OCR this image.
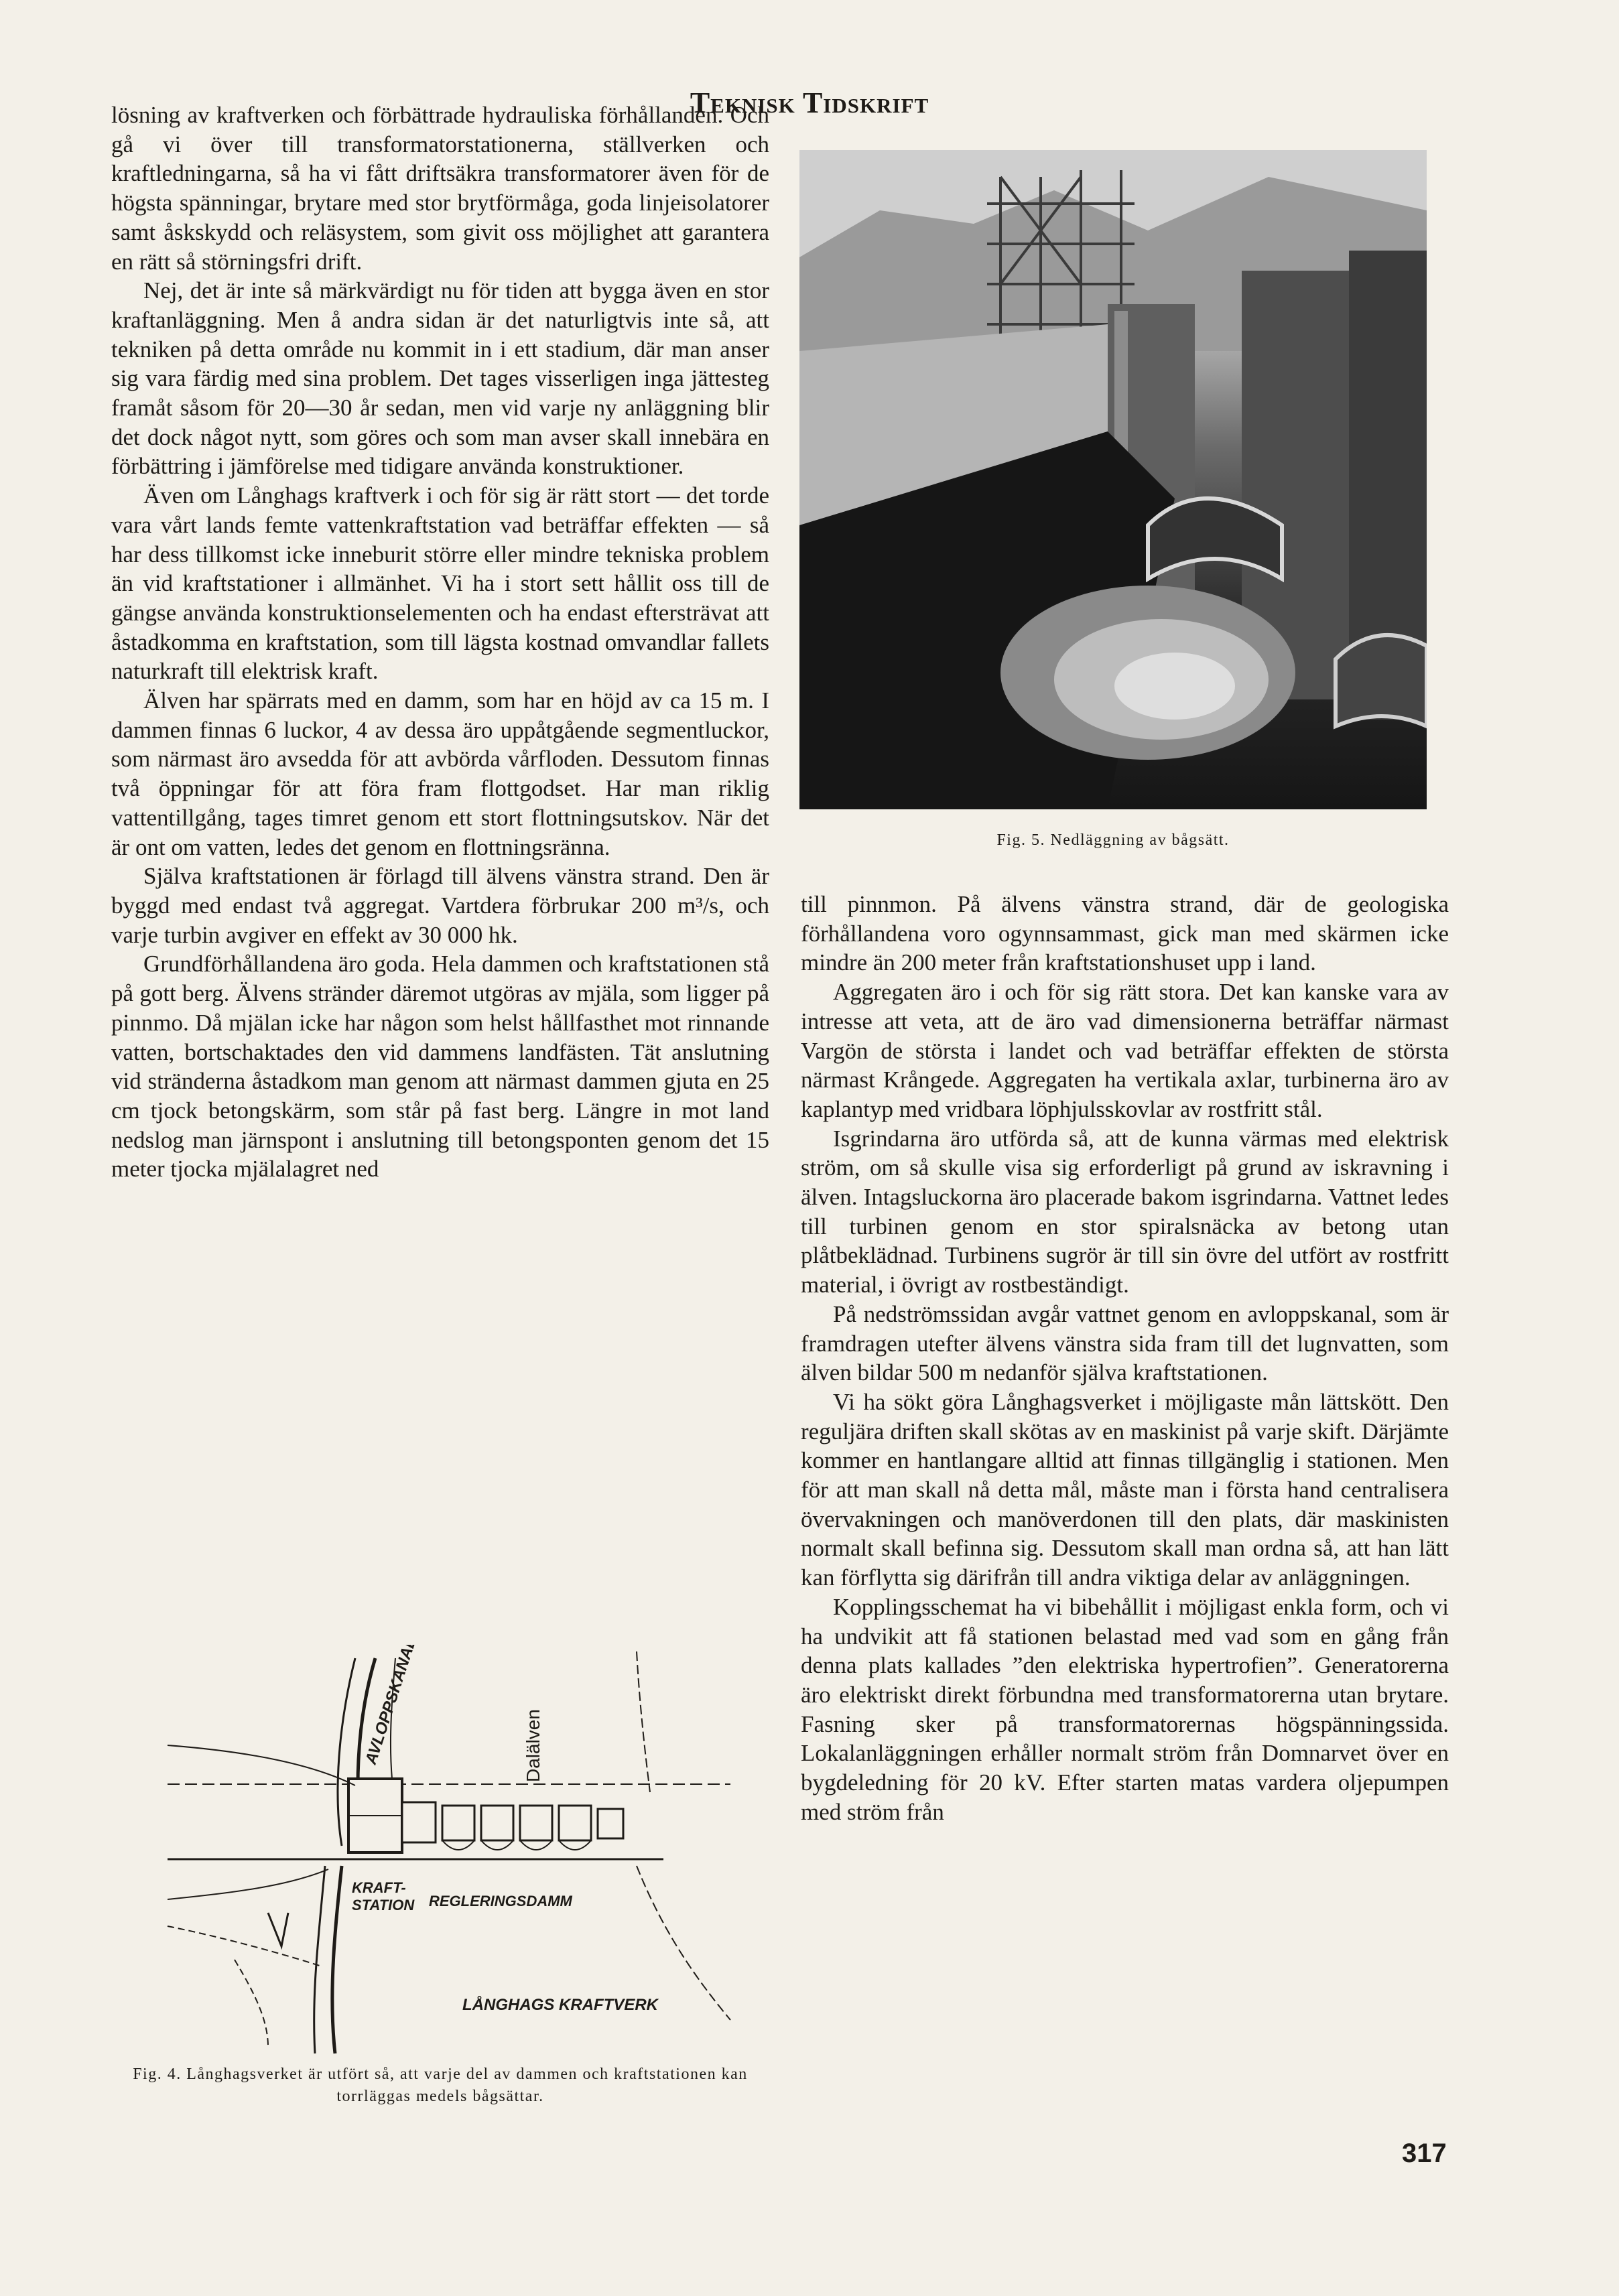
Teknisk Tidskrift

lösning av kraftverken och förbättrade hydrauliska förhållanden. Och gå vi över till transformatorstationerna, ställverken och kraftledningarna, så ha vi fått driftsäkra transformatorer även för de högsta spänningar, brytare med stor brytförmåga, goda linjeisolatorer samt åskskydd och reläsystem, som givit oss möjlighet att garantera en rätt så störningsfri drift.

Nej, det är inte så märkvärdigt nu för tiden att bygga även en stor kraftanläggning. Men å andra sidan är det naturligtvis inte så, att tekniken på detta område nu kommit in i ett stadium, där man anser sig vara färdig med sina problem. Det tages visserligen inga jättesteg framåt såsom för 20—30 år sedan, men vid varje ny anläggning blir det dock något nytt, som göres och som man avser skall innebära en förbättring i jämförelse med tidigare använda konstruktioner.

Även om Långhags kraftverk i och för sig är rätt stort — det torde vara vårt lands femte vattenkraftstation vad beträffar effekten — så har dess tillkomst icke inneburit större eller mindre tekniska problem än vid kraftstationer i allmänhet. Vi ha i stort sett hållit oss till de gängse använda konstruktionselementen och ha endast eftersträvat att åstadkomma en kraftstation, som till lägsta kostnad omvandlar fallets naturkraft till elektrisk kraft.

Älven har spärrats med en damm, som har en höjd av ca 15 m. I dammen finnas 6 luckor, 4 av dessa äro uppåtgående segmentluckor, som närmast äro avsedda för att avbörda vårfloden. Dessutom finnas två öppningar för att föra fram flottgodset. Har man riklig vattentillgång, tages timret genom ett stort flottningsutskov. När det är ont om vatten, ledes det genom en flottningsränna.

Själva kraftstationen är förlagd till älvens vänstra strand. Den är byggd med endast två aggregat. Vartdera förbrukar 200 m³/s, och varje turbin avgiver en effekt av 30 000 hk.

Grundförhållandena äro goda. Hela dammen och kraftstationen stå på gott berg. Älvens stränder däremot utgöras av mjäla, som ligger på pinnmo. Då mjälan icke har någon som helst hållfasthet mot rinnande vatten, bortschaktades den vid dammens landfästen. Tät anslutning vid stränderna åstadkom man genom att närmast dammen gjuta en 25 cm tjock betongskärm, som står på fast berg. Längre in mot land nedslog man järnspont i anslutning till betongsponten genom det 15 meter tjocka mjälalagret ned

Fig. 5. Nedläggning av bågsätt.

till pinnmon. På älvens vänstra strand, där de geologiska förhållandena voro ogynnsammast, gick man med skärmen icke mindre än 200 meter från kraftstationshuset upp i land.

Aggregaten äro i och för sig rätt stora. Det kan kanske vara av intresse att veta, att de äro vad dimensionerna beträffar närmast Vargön de största i landet och vad beträffar effekten de största närmast Krångede. Aggregaten ha vertikala axlar, turbinerna äro av kaplantyp med vridbara löphjulsskovlar av rostfritt stål.

Isgrindarna äro utförda så, att de kunna värmas med elektrisk ström, om så skulle visa sig erforderligt på grund av iskravning i älven. Intagsluckorna äro placerade bakom isgrindarna. Vattnet ledes till turbinen genom en stor spiralsnäcka av betong utan plåtbeklädnad. Turbinens sugrör är till sin övre del utfört av rostfritt material, i övrigt av rostbeständigt.

På nedströmssidan avgår vattnet genom en avloppskanal, som är framdragen utefter älvens vänstra sida fram till det lugnvatten, som älven bildar 500 m nedanför själva kraftstationen.

Vi ha sökt göra Långhagsverket i möjligaste mån lättskött. Den reguljära driften skall skötas av en maskinist på varje skift. Därjämte kommer en hantlangare alltid att finnas tillgänglig i stationen. Men för att man skall nå detta mål, måste man i första hand centralisera övervakningen och manöverdonen till den plats, där maskinisten normalt skall befinna sig. Dessutom skall man ordna så, att han lätt kan förflytta sig därifrån till andra viktiga delar av anläggningen.

Kopplingsschemat ha vi bibehållit i möjligast enkla form, och vi ha undvikit att få stationen belastad med vad som en gång från denna plats kallades ”den elektriska hypertrofien”. Generatorerna äro elektriskt direkt förbundna med transformatorerna utan brytare. Fasning sker på transformatorernas högspänningssida. Lokalanläggningen erhåller normalt ström från Domnarvet över en bygdeledning för 20 kV. Efter starten matas vardera oljepumpen med ström från

AVLOPPSKANAL	Dalälven
KRAFT-
STATION REGLERINGSDAMM
LÅNGHAGS KRAFTVERK
Fig. 4. Långhagsverket är utfört så, att varje del av dammen och kraftstationen kan torrläggas medels bågsättar.
317
